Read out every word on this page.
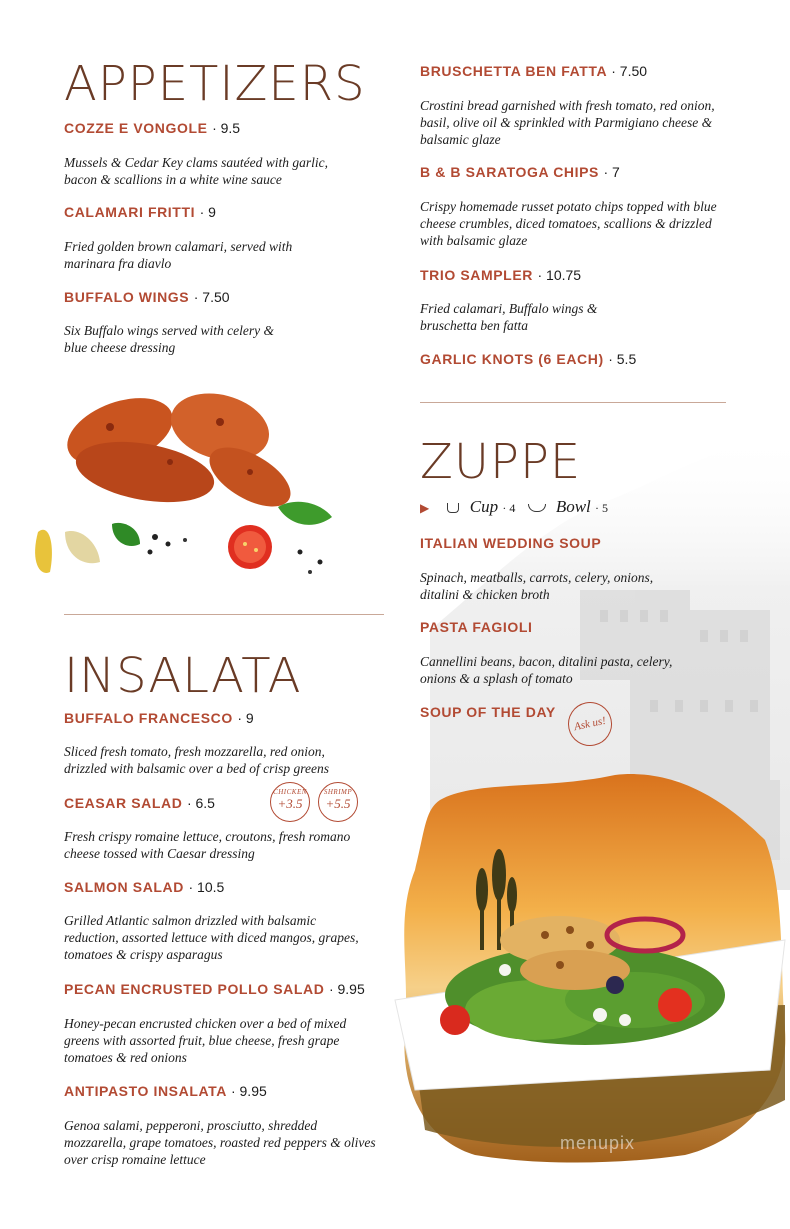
APPETIZERS
COZZE E VONGOLE · 9.5
Mussels & Cedar Key clams sautéed with garlic, bacon & scallions in a white wine sauce
CALAMARI FRITTI · 9
Fried golden brown calamari, served with marinara fra diavlo
BUFFALO WINGS · 7.50
Six Buffalo wings served with celery & blue cheese dressing
INSALATA
BUFFALO FRANCESCO · 9
Sliced fresh tomato, fresh mozzarella, red onion, drizzled with balsamic over a bed of crisp greens
CEASAR SALAD · 6.5
CHICKEN
+3.5
SHRIMP
+5.5
Fresh crispy romaine lettuce, croutons, fresh romano cheese tossed with Caesar dressing
SALMON SALAD · 10.5
Grilled Atlantic salmon drizzled with balsamic reduction, assorted lettuce with diced mangos, grapes, tomatoes & crispy asparagus
PECAN ENCRUSTED POLLO SALAD · 9.95
Honey-pecan encrusted chicken over a bed of mixed greens with assorted fruit, blue cheese, fresh grape tomatoes & red onions
ANTIPASTO INSALATA · 9.95
Genoa salami, pepperoni, prosciutto, shredded mozzarella, grape tomatoes, roasted red peppers & olives over crisp romaine lettuce
BRUSCHETTA BEN FATTA · 7.50
Crostini bread garnished with fresh tomato, red onion, basil, olive oil & sprinkled with Parmigiano cheese & balsamic glaze
B & B SARATOGA CHIPS · 7
Crispy homemade russet potato chips topped with blue cheese crumbles, diced tomatoes, scallions & drizzled with balsamic glaze
TRIO SAMPLER · 10.75
Fried calamari, Buffalo wings & bruschetta ben fatta
GARLIC KNOTS (6 EACH) · 5.5
ZUPPE
▶ Cup · 4 Bowl · 5
ITALIAN WEDDING SOUP
Spinach, meatballs, carrots, celery, onions, ditalini & chicken broth
PASTA FAGIOLI
Cannellini beans, bacon, ditalini pasta, celery, onions & a splash of tomato
SOUP OF THE DAY
Ask us!
menupix
